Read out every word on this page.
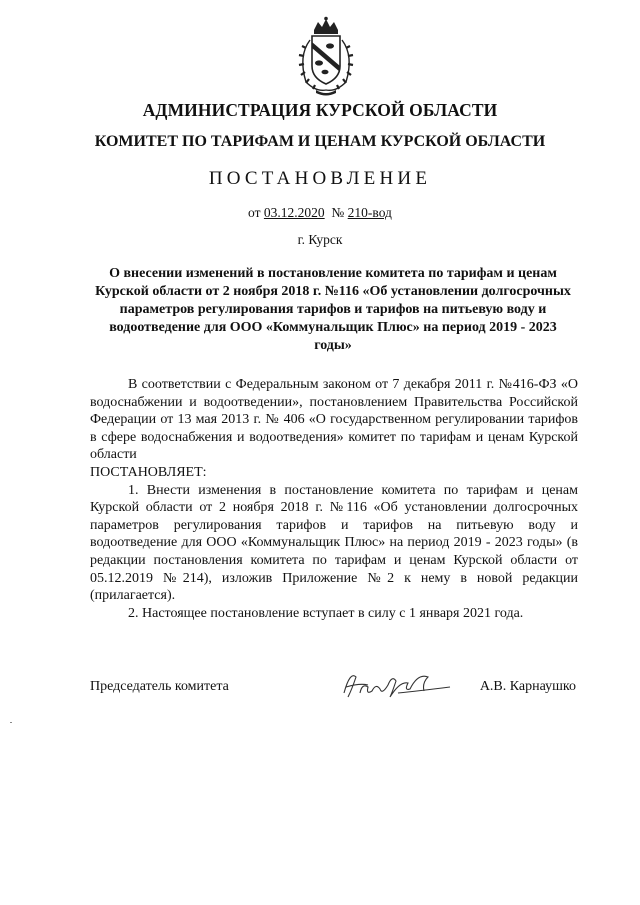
АДМИНИСТРАЦИЯ КУРСКОЙ ОБЛАСТИ
КОМИТЕТ ПО ТАРИФАМ И ЦЕНАМ КУРСКОЙ ОБЛАСТИ
ПОСТАНОВЛЕНИЕ
от 03.12.2020 № 210-вод
г. Курск
О внесении изменений в постановление комитета по тарифам и ценам Курской области от 2 ноября 2018 г. №116 «Об установлении долгосрочных параметров регулирования тарифов и тарифов на питьевую воду и водоотведение для ООО «Коммунальщик Плюс» на период 2019 - 2023 годы»

В соответствии с Федеральным законом от 7 декабря 2011 г. №416-ФЗ «О водоснабжении и водоотведении», постановлением Правительства Российской Федерации от 13 мая 2013 г. № 406 «О государственном регулировании тарифов в сфере водоснабжения и водоотведения» комитет по тарифам и ценам Курской области

ПОСТАНОВЛЯЕТ:

1. Внести изменения в постановление комитета по тарифам и ценам Курской области от 2 ноября 2018 г. №116 «Об установлении долгосрочных параметров регулирования тарифов и тарифов на питьевую воду и водоотведение для ООО «Коммунальщик Плюс» на период 2019 - 2023 годы» (в редакции постановления комитета по тарифам и ценам Курской области от 05.12.2019 №214), изложив Приложение №2 к нему в новой редакции (прилагается).

2. Настоящее постановление вступает в силу с 1 января 2021 года.

Председатель комитета	А.В. Карнаушко
